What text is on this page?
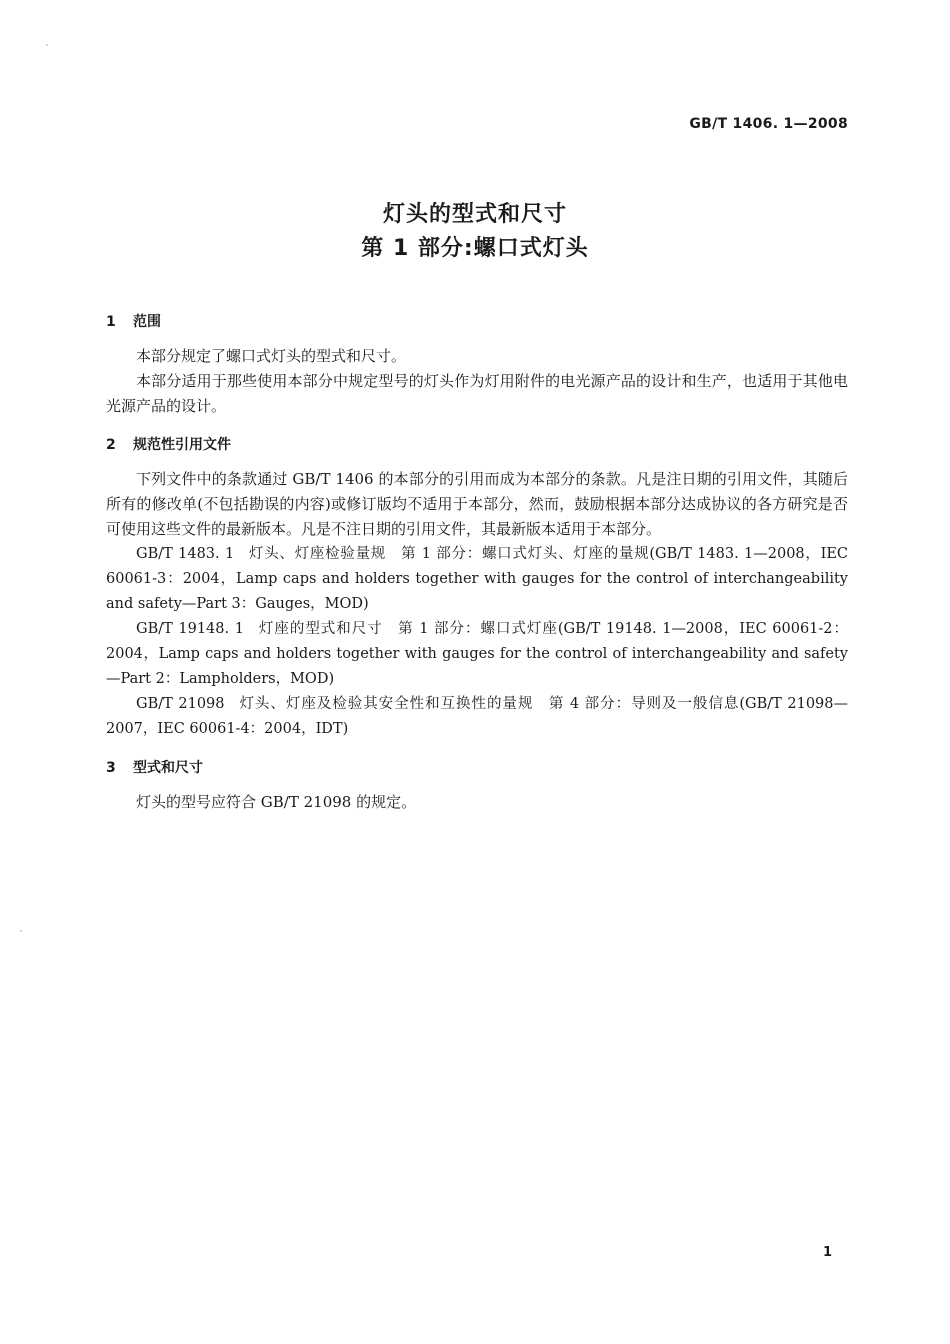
GB/T 1406. 1—2008
灯头的型式和尺寸
第 1 部分:螺口式灯头
1 范围

本部分规定了螺口式灯头的型式和尺寸。

本部分适用于那些使用本部分中规定型号的灯头作为灯用附件的电光源产品的设计和生产，也适用于其他电光源产品的设计。

2 规范性引用文件

下列文件中的条款通过 GB/T 1406 的本部分的引用而成为本部分的条款。凡是注日期的引用文件，其随后所有的修改单(不包括勘误的内容)或修订版均不适用于本部分，然而，鼓励根据本部分达成协议的各方研究是否可使用这些文件的最新版本。凡是不注日期的引用文件，其最新版本适用于本部分。

GB/T 1483. 1 灯头、灯座检验量规　第 1 部分：螺口式灯头、灯座的量规(GB/T 1483. 1—2008，IEC 60061-3：2004，Lamp caps and holders together with gauges for the control of interchangeability and safety—Part 3：Gauges，MOD)

GB/T 19148. 1 灯座的型式和尺寸　第 1 部分：螺口式灯座(GB/T 19148. 1—2008，IEC 60061-2：2004，Lamp caps and holders together with gauges for the control of interchangeability and safety—Part 2：Lampholders，MOD)

GB/T 21098 灯头、灯座及检验其安全性和互换性的量规　第 4 部分：导则及一般信息(GB/T 21098—2007，IEC 60061-4：2004，IDT)

3 型式和尺寸

灯头的型号应符合 GB/T 21098 的规定。

1
